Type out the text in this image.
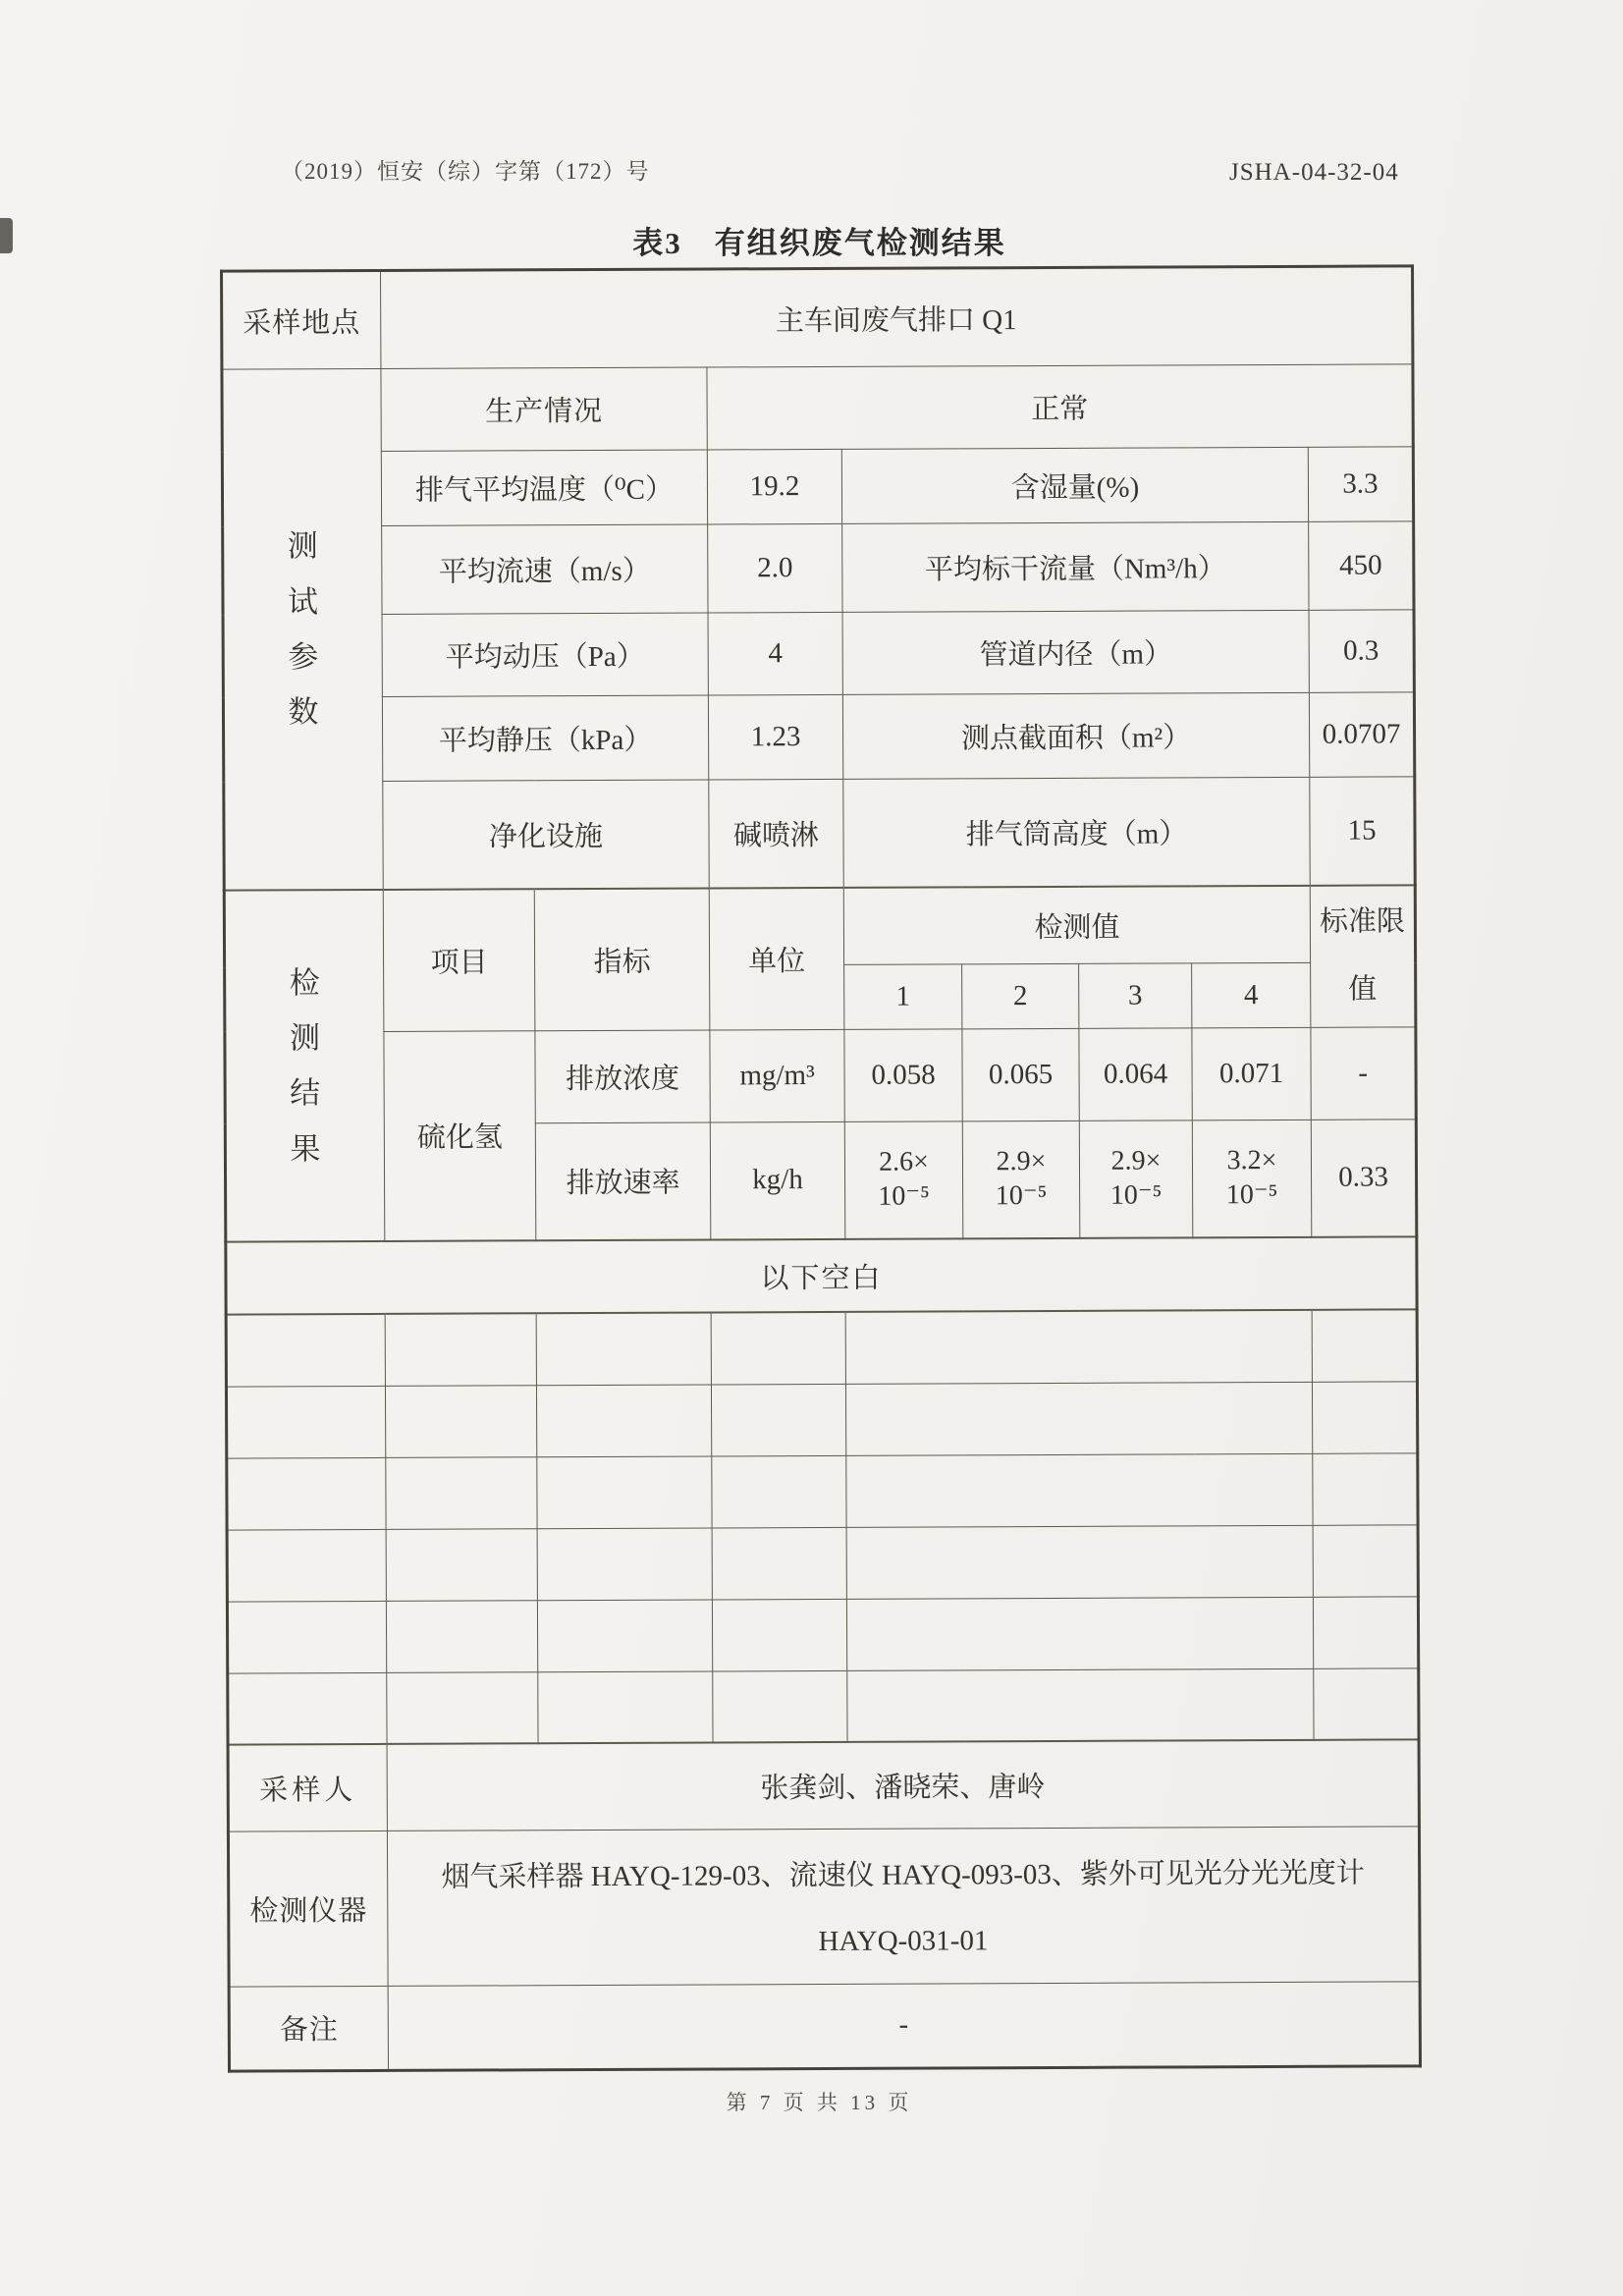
（2019）恒安（综）字第（172）号	JSHA-04-32-04
表3　有组织废气检测结果
采样地点	主车间废气排口 Q1							

测
试
参
数	生产情况		正常					
	排气平均温度（⁰C）		19.2	含湿量(%)				3.3
	平均流速（m/s）		2.0	平均标干流量（Nm³/h）				450
	平均动压（Pa）		4	管道内径（m）				0.3
	平均静压（kPa）		1.23	测点截面积（m²）				0.0707
	净化设施		碱喷淋	排气筒高度（m）				15

检
测
结
果	项目	指标	单位	检测值				标准限值
				1	2	3	4	
	硫化氢	排放浓度	mg/m³	0.058	0.065	0.064	0.071	-
		排放速率	kg/h	2.6×
10⁻⁵	2.9×
10⁻⁵	2.9×
10⁻⁵	3.2×
10⁻⁵	0.33
以下空白								

采样人	张龚剑、潘晓荣、唐岭							
检测仪器	烟气采样器 HAYQ-129-03、流速仪 HAYQ-093-03、紫外可见光分光光度计
HAYQ-031-01							

备注	-							
第 7 页 共 13 页
